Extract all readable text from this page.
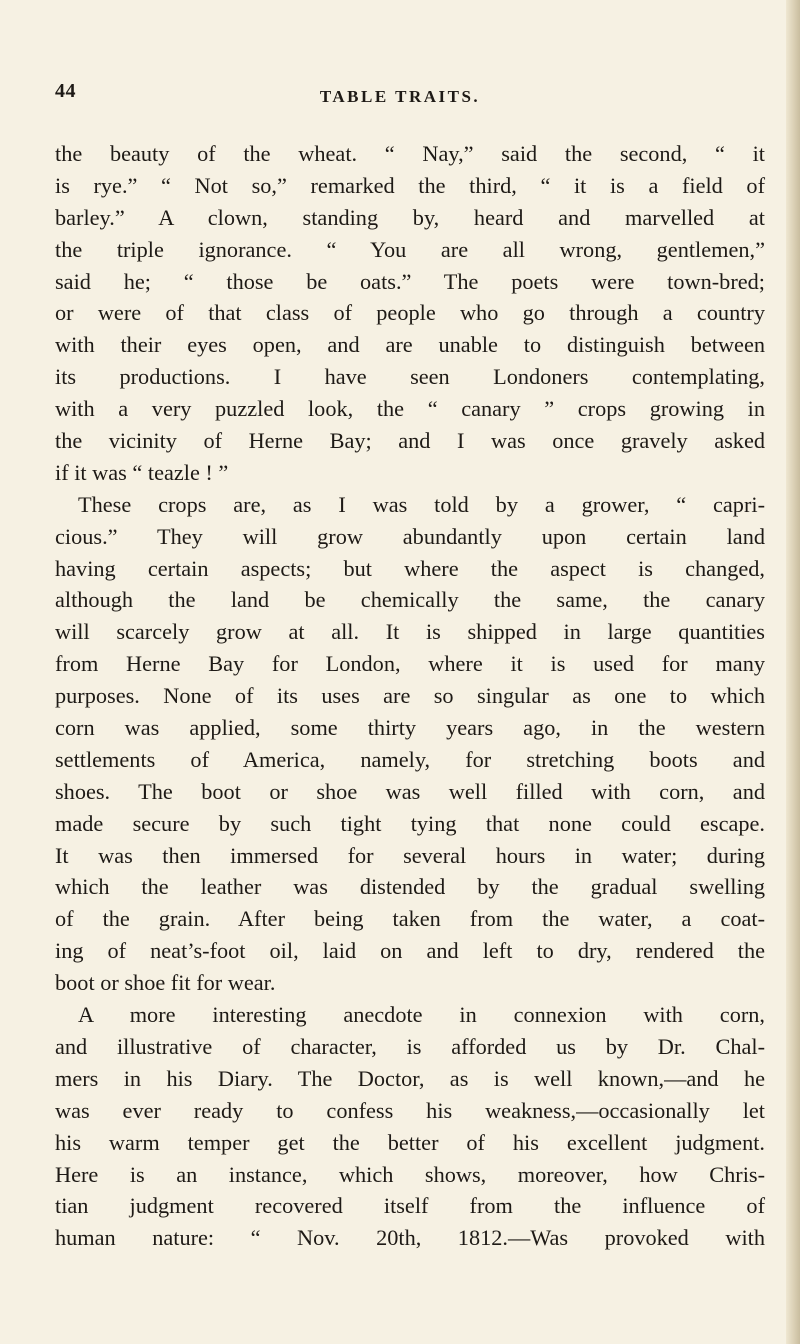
44	TABLE TRAITS.
the beauty of the wheat. “ Nay,” said the second, “ it
is rye.” “ Not so,” remarked the third, “ it is a field of
barley.” A clown, standing by, heard and marvelled at
the triple ignorance. “ You are all wrong, gentlemen,”
said he; “ those be oats.” The poets were town-bred;
or were of that class of people who go through a country
with their eyes open, and are unable to distinguish between
its productions. I have seen Londoners contemplating,
with a very puzzled look, the “ canary ” crops growing in
the vicinity of Herne Bay; and I was once gravely asked
if it was “ teazle ! ”
These crops are, as I was told by a grower, “ capri-
cious.” They will grow abundantly upon certain land
having certain aspects; but where the aspect is changed,
although the land be chemically the same, the canary
will scarcely grow at all. It is shipped in large quantities
from Herne Bay for London, where it is used for many
purposes. None of its uses are so singular as one to which
corn was applied, some thirty years ago, in the western
settlements of America, namely, for stretching boots and
shoes. The boot or shoe was well filled with corn, and
made secure by such tight tying that none could escape.
It was then immersed for several hours in water; during
which the leather was distended by the gradual swelling
of the grain. After being taken from the water, a coat-
ing of neat’s-foot oil, laid on and left to dry, rendered the
boot or shoe fit for wear.
A more interesting anecdote in connexion with corn,
and illustrative of character, is afforded us by Dr. Chal-
mers in his Diary. The Doctor, as is well known,—and he
was ever ready to confess his weakness,—occasionally let
his warm temper get the better of his excellent judgment.
Here is an instance, which shows, moreover, how Chris-
tian judgment recovered itself from the influence of
human nature: “ Nov. 20th, 1812.—Was provoked with
